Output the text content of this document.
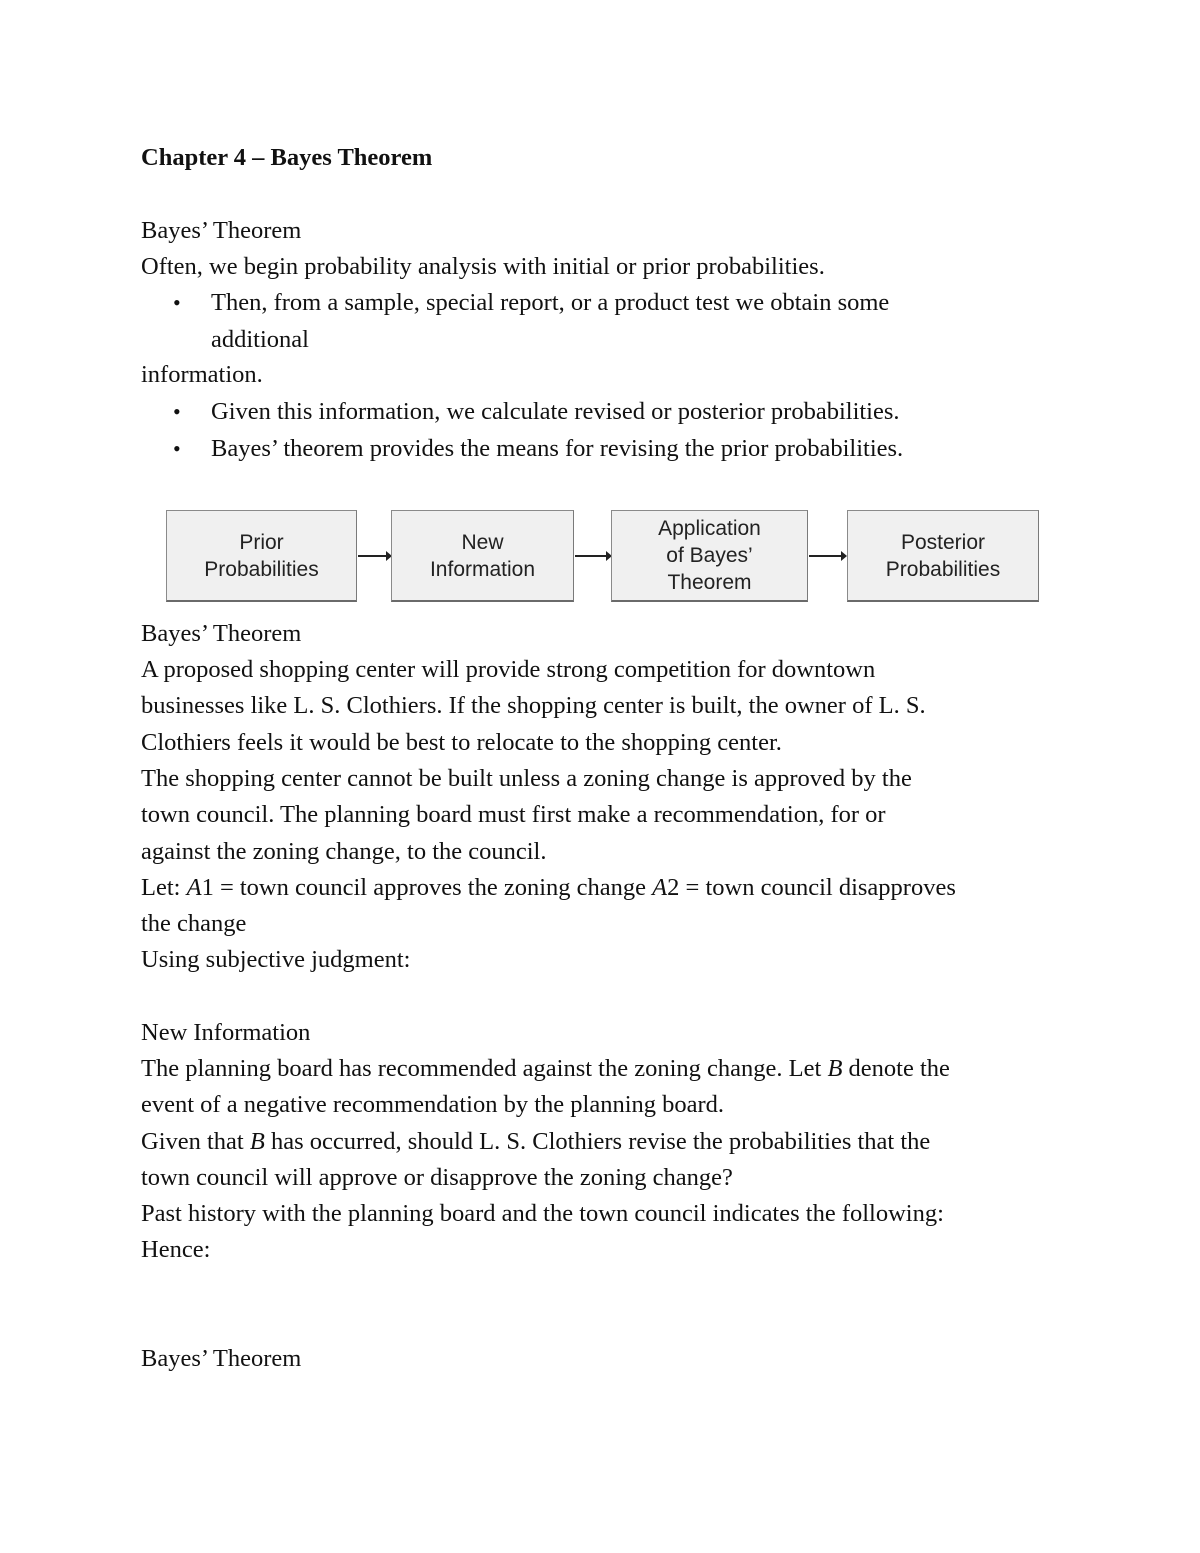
Chapter 4 – Bayes Theorem
Bayes’ Theorem
Often, we begin probability analysis with initial or prior probabilities.
• Then, from a sample, special report, or a product test we obtain some
additional
information.
• Given this information, we calculate revised or posterior probabilities.
• Bayes’ theorem provides the means for revising the prior probabilities.
Bayes’ Theorem
A proposed shopping center will provide strong competition for downtown
businesses like L. S. Clothiers. If the shopping center is built, the owner of L. S.
Clothiers feels it would be best to relocate to the shopping center.
The shopping center cannot be built unless a zoning change is approved by the
town council. The planning board must first make a recommendation, for or
against the zoning change, to the council.
Let: A1 = town council approves the zoning change A2 = town council disapproves
the change
Using subjective judgment:
New Information
The planning board has recommended against the zoning change. Let B denote the
event of a negative recommendation by the planning board.
Given that B has occurred, should L. S. Clothiers revise the probabilities that the
town council will approve or disapprove the zoning change?
Past history with the planning board and the town council indicates the following:
Hence:
Bayes’ Theorem
Prior
Probabilities
New
Information
Application
of Bayes’
Theorem
Posterior
Probabilities
